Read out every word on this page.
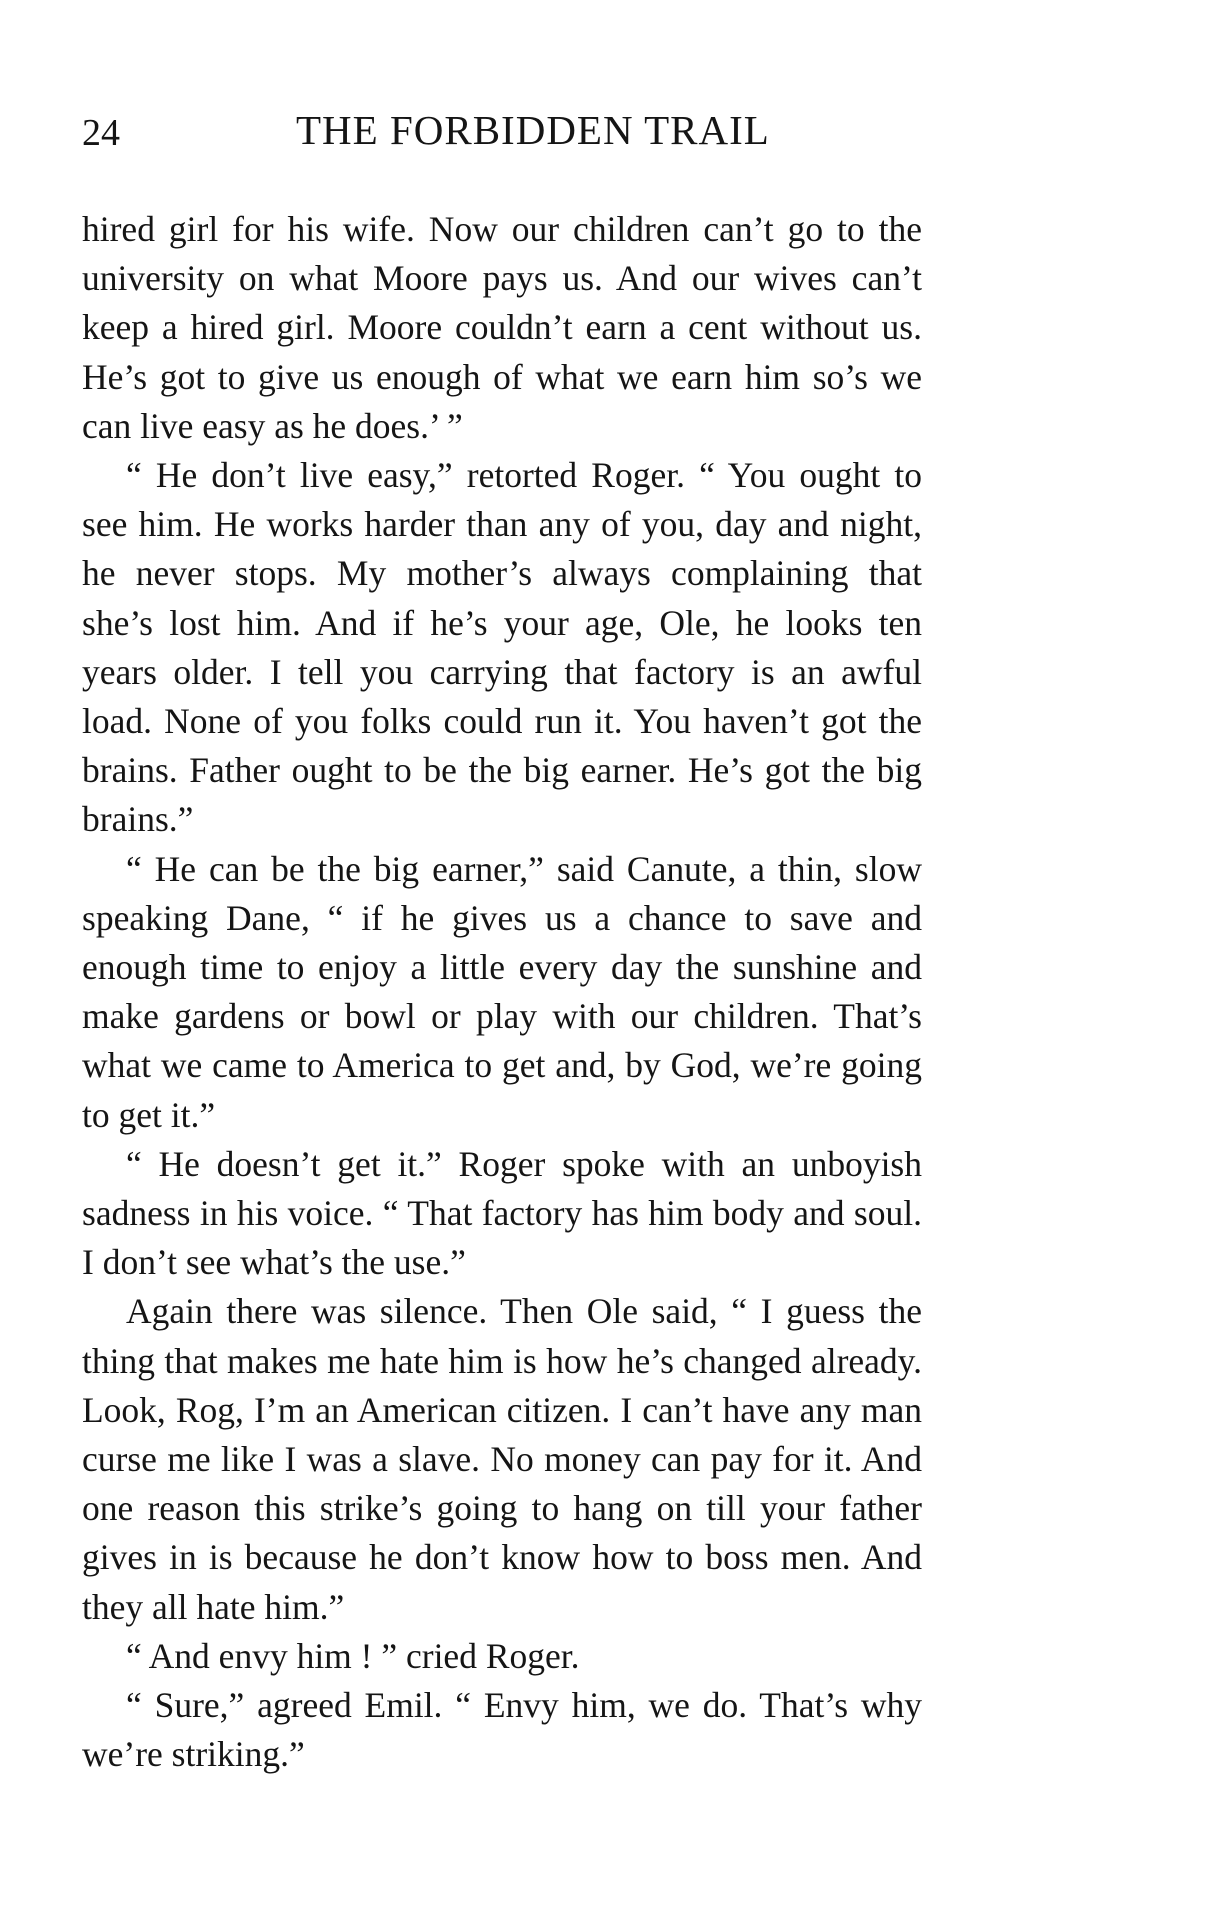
24	THE FORBIDDEN TRAIL

hired girl for his wife. Now our children can’t go to the university on what Moore pays us. And our wives can’t keep a hired girl. Moore couldn’t earn a cent without us. He’s got to give us enough of what we earn him so’s we can live easy as he does.’ ”

“ He don’t live easy,” retorted Roger. “ You ought to see him. He works harder than any of you, day and night, he never stops. My mother’s always complaining that she’s lost him. And if he’s your age, Ole, he looks ten years older. I tell you carrying that factory is an awful load. None of you folks could run it. You haven’t got the brains. Father ought to be the big earner. He’s got the big brains.”

“ He can be the big earner,” said Canute, a thin, slow speaking Dane, “ if he gives us a chance to save and enough time to enjoy a little every day the sunshine and make gardens or bowl or play with our children. That’s what we came to America to get and, by God, we’re going to get it.”

“ He doesn’t get it.” Roger spoke with an unboyish sadness in his voice. “ That factory has him body and soul. I don’t see what’s the use.”

Again there was silence. Then Ole said, “ I guess the thing that makes me hate him is how he’s changed already. Look, Rog, I’m an American citizen. I can’t have any man curse me like I was a slave. No money can pay for it. And one reason this strike’s going to hang on till your father gives in is because he don’t know how to boss men. And they all hate him.”

“ And envy him ! ” cried Roger.

“ Sure,” agreed Emil. “ Envy him, we do. That’s why we’re striking.”
